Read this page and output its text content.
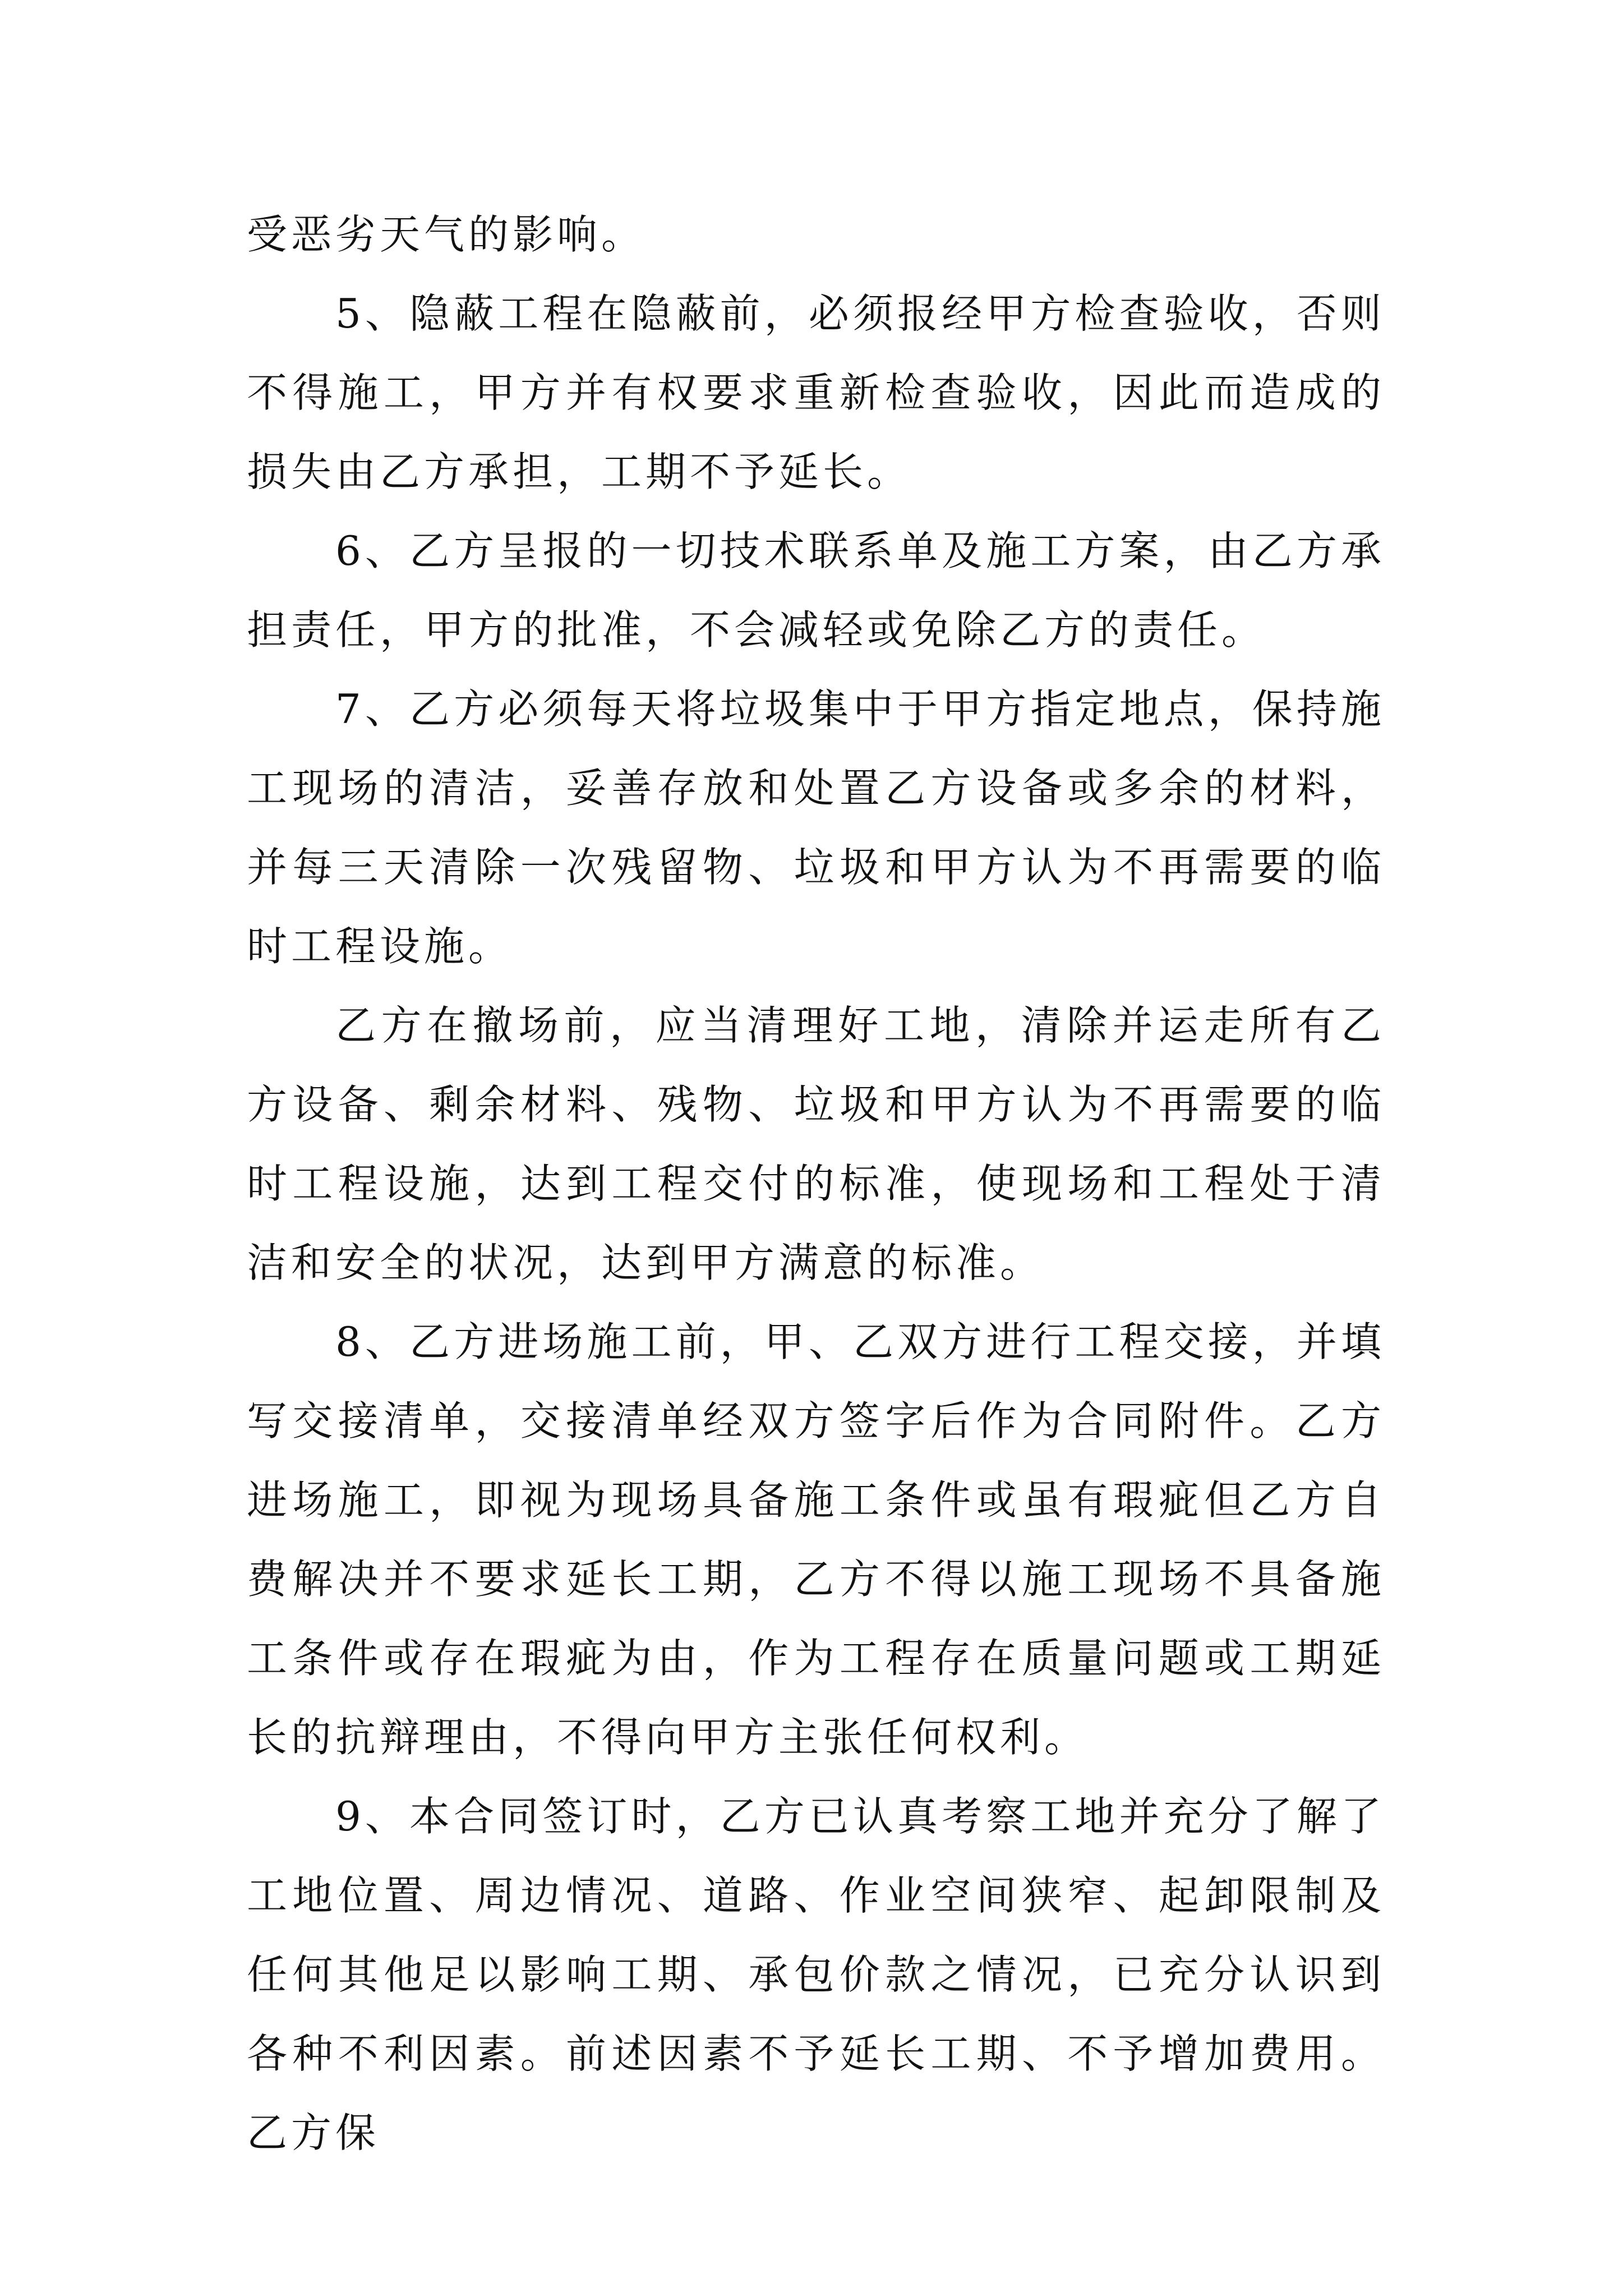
受恶劣天气的影响。

5、隐蔽工程在隐蔽前，必须报经甲方检查验收，否则不得施工，甲方并有权要求重新检查验收，因此而造成的损失由乙方承担，工期不予延长。

6、乙方呈报的一切技术联系单及施工方案，由乙方承担责任，甲方的批准，不会减轻或免除乙方的责任。

7、乙方必须每天将垃圾集中于甲方指定地点，保持施工现场的清洁，妥善存放和处置乙方设备或多余的材料，并每三天清除一次残留物、垃圾和甲方认为不再需要的临时工程设施。

乙方在撤场前，应当清理好工地，清除并运走所有乙方设备、剩余材料、残物、垃圾和甲方认为不再需要的临时工程设施，达到工程交付的标准，使现场和工程处于清洁和安全的状况，达到甲方满意的标准。

8、乙方进场施工前，甲、乙双方进行工程交接，并填写交接清单，交接清单经双方签字后作为合同附件。乙方进场施工，即视为现场具备施工条件或虽有瑕疵但乙方自费解决并不要求延长工期，乙方不得以施工现场不具备施工条件或存在瑕疵为由，作为工程存在质量问题或工期延长的抗辩理由，不得向甲方主张任何权利。

9、本合同签订时，乙方已认真考察工地并充分了解了工地位置、周边情况、道路、作业空间狭窄、起卸限制及任何其他足以影响工期、承包价款之情况，已充分认识到各种不利因素。前述因素不予延长工期、不予增加费用。乙方保
